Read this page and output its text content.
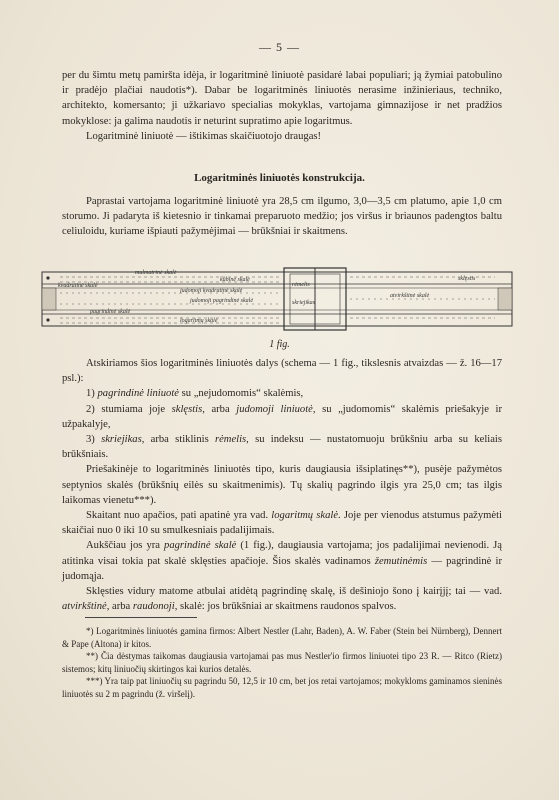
— 5 —

per du šimtu metų pamiršta idėja, ir logaritminė liniuotė pasidarė labai populiari; ją žymiai patobulino ir pradėjo plačiai naudotis*). Dabar be logaritminės liniuotės nerasime inžinieriaus, techniko, architekto, komersanto; ji užkariavo specialias mokyklas, vartojama gimnazijose ir net pradžios mokyklose: ja galima naudotis ir neturint supratimo apie logaritmus.

Logaritminė liniuotė — ištikimas skaičiuotojo draugas!

Logaritminės liniuotės konstrukcija.

Paprastai vartojama logaritminė liniuotė yra 28,5 cm ilgumo, 3,0—3,5 cm platumo, apie 1,0 cm storumo. Ji padaryta iš kietesnio ir tinkamai preparuoto medžio; jos viršus ir briaunos padengtos baltu celiuloidu, kuriame išpiauti pažymėjimai — brūkšniai ir skaitmens.

mulmatrinė skalė
kūbinė skalė
kvadratinė skalė
judomoji kvadratinė skalė
judomoji pagrindinė skalė
pagrindinė skalė
logaritmų skalė
rėmelis
skriejikas
atvirkštinė skalė
sklęstis
1 fig.

Atskiriamos šios logaritminės liniuotės dalys (schema — 1 fig., tikslesnis atvaizdas — ž. 16—17 psl.):

1) pagrindinė liniuotė su „nejudomomis“ skalėmis,

2) stumiama joje sklęstis, arba judomoji liniuotė, su „judomomis“ skalėmis priešakyje ir užpakalyje,

3) skriejikas, arba stiklinis rėmelis, su indeksu — nustatomuoju brūkšniu arba su keliais brūkšniais.

Priešakinėje to logaritminės liniuotės tipo, kuris daugiausia išsiplatinęs**), pusėje pažymėtos septynios skalės (brūkšnių eilės su skaitmenimis). Tų skalių pagrindo ilgis yra 25,0 cm; tas ilgis laikomas vienetu***).

Skaitant nuo apačios, pati apatinė yra vad. logaritmų skalė. Joje per vienodus atstumus pažymėti skaičiai nuo 0 iki 10 su smulkesniais padalijimais.

Aukščiau jos yra pagrindinė skalė (1 fig.), daugiausia vartojama; jos padalijimai nevienodi. Ją atitinka visai tokia pat skalė sklęsties apačioje. Šios skalės vadinamos žemutinėmis — pagrindinė ir judomąja.

Sklęsties vidury matome atbulai atidėtą pagrindinę skalę, iš dešiniojo šono į kairįjį; tai — vad. atvirkštinė, arba raudonoji, skalė: jos brūkšniai ar skaitmens raudonos spalvos.

*) Logaritminės liniuotės gamina firmos: Albert Nestler (Lahr, Baden), A. W. Faber (Stein bei Nürnberg), Dennert & Pape (Altona) ir kitos.

**) Čia dėstymas taikomas daugiausia vartojamai pas mus Nestler'io firmos liniuotei tipo 23 R. — Ritco (Rietz) sistemos; kitų liniuočių skirtingos kai kurios detalės.

***) Yra taip pat liniuočių su pagrindu 50, 12,5 ir 10 cm, bet jos retai vartojamos; mokykloms gaminamos sieninės liniuotės su 2 m pagrindu (ž. viršelį).
